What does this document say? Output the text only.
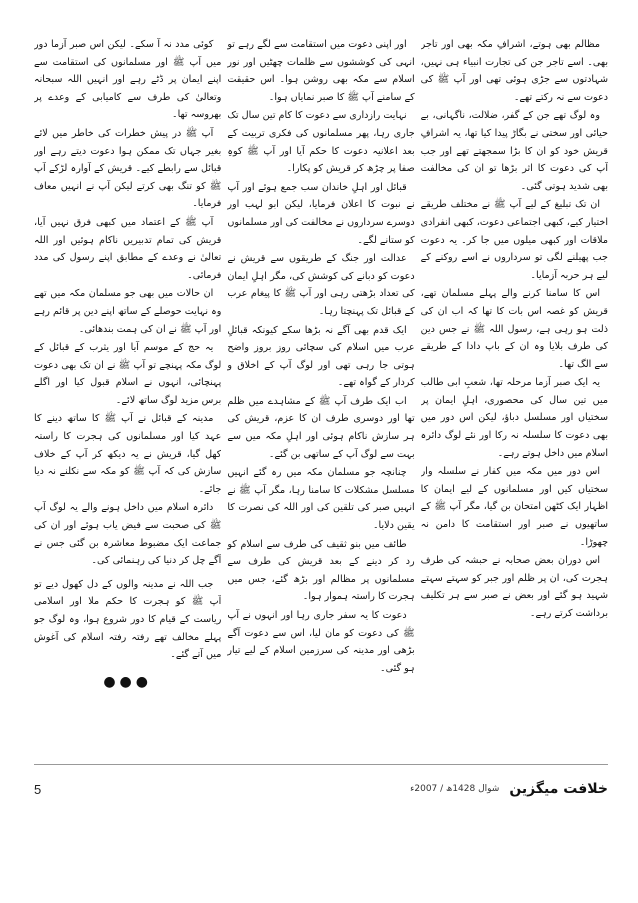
مظالم بھی ہوتے، اشرافِ مکہ بھی اور تاجر بھی۔ اسے تاجر جن کی تجارت انبیاء ہی نہیں، شہادتوں سے جڑی ہوئی تھی اور آپ ﷺ کی دعوت سے نہ رکتے تھے۔

وہ لوگ تھے جن کے گفر، ضلالت، ناگہانی، بے حیائی اور سختی نے بگاڑ پیدا کیا تھا، یہ اشرافِ قریش خود کو ان کا بڑا سمجھتے تھے اور جب آپ کی دعوت کا اثر بڑھا تو ان کی مخالفت بھی شدید ہوتی گئی۔

ان تک تبلیغ کے لیے آپ ﷺ نے مختلف طریقے اختیار کیے، کبھی اجتماعی دعوت، کبھی انفرادی ملاقات اور کبھی میلوں میں جا کر۔ یہ دعوت جب پھیلنے لگی تو سرداروں نے اسے روکنے کے لیے ہر حربہ آزمایا۔

اس کا سامنا کرنے والے پہلے مسلمان تھے، قریش کو غصہ اس بات کا تھا کہ اب ان کی ذلت ہو رہی ہے، رسول اللہ ﷺ نے جس دین کی طرف بلایا وہ ان کے باپ دادا کے طریقے سے الگ تھا۔

یہ ایک صبر آزما مرحلہ تھا، شعبِ ابی طالب میں تین سال کی محصوری، اہلِ ایمان پر سختیاں اور مسلسل دباؤ، لیکن اس دور میں بھی دعوت کا سلسلہ نہ رکا اور نئے لوگ دائرہ اسلام میں داخل ہوتے رہے۔

اس دور میں مکہ میں کفار نے سلسلہ وار سختیاں کیں اور مسلمانوں کے لیے ایمان کا اظہار ایک کٹھن امتحان بن گیا، مگر آپ ﷺ کے ساتھیوں نے صبر اور استقامت کا دامن نہ چھوڑا۔

اس دوران بعض صحابہ نے حبشہ کی طرف ہجرت کی، ان پر ظلم اور جبر کو سہتے سہتے شہید ہو گئے اور بعض نے صبر سے ہر تکلیف برداشت کرتے رہے۔

اور اپنی دعوت میں استقامت سے لگے رہے تو انہی کی کوششوں سے ظلمات چھٹیں اور نور اسلام سے مکہ بھی روشن ہوا۔ اس حقیقت کے سامنے آپ ﷺ کا صبر نمایاں ہوا۔

نہایت رازداری سے دعوت کا کام تین سال تک جاری رہا، پھر مسلمانوں کی فکری تربیت کے بعد اعلانیہ دعوت کا حکم آیا اور آپ ﷺ کوہِ صفا پر چڑھ کر قریش کو پکارا۔

قبائل اور اہلِ خاندان سب جمع ہوئے اور آپ نے نبوت کا اعلان فرمایا، لیکن ابو لہب اور دوسرے سرداروں نے مخالفت کی اور مسلمانوں کو ستانے لگے۔

عدالت اور جنگ کے طریقوں سے قریش نے دعوت کو دبانے کی کوشش کی، مگر اہلِ ایمان کی تعداد بڑھتی رہی اور آپ ﷺ کا پیغام عرب کے قبائل تک پہنچتا رہا۔

ایک قدم بھی آگے نہ بڑھا سکے کیونکہ قبائلِ عرب میں اسلام کی سچائی روز بروز واضح ہوتی جا رہی تھی اور لوگ آپ کے اخلاق و کردار کے گواہ تھے۔

اب ایک طرف آپ ﷺ کے مشاہدے میں ظلم تھا اور دوسری طرف ان کا عزم، قریش کی ہر سازش ناکام ہوئی اور اہلِ مکہ میں سے بہت سے لوگ آپ کے ساتھی بن گئے۔

چنانچہ جو مسلمان مکہ میں رہ گئے انہیں مسلسل مشکلات کا سامنا رہا، مگر آپ ﷺ نے انہیں صبر کی تلقین کی اور اللہ کی نصرت کا یقین دلایا۔

طائف میں بنو ثقیف کی طرف سے اسلام کو رد کر دینے کے بعد قریش کی طرف سے مسلمانوں پر مظالم اور بڑھ گئے، جس میں ہجرت کا راستہ ہموار ہوا۔

دعوت کا یہ سفر جاری رہا اور انہوں نے آپ ﷺ کی دعوت کو مان لیا، اس سے دعوت آگے بڑھی اور مدینہ کی سرزمین اسلام کے لیے تیار ہو گئی۔

کوئی مدد نہ آ سکے۔ لیکن اس صبر آزما دور میں آپ ﷺ اور مسلمانوں کی استقامت سے اپنے ایمان پر ڈٹے رہے اور انہیں اللہ سبحانہ وتعالیٰ کی طرف سے کامیابی کے وعدے پر بھروسہ تھا۔

آپ ﷺ در پیش خطرات کی خاطر میں لائے بغیر جہاں تک ممکن ہوا دعوت دیتے رہے اور قبائل سے رابطے کیے۔ قریش کے آوارہ لڑکے آپ ﷺ کو تنگ بھی کرتے لیکن آپ نے انہیں معاف فرمایا۔

آپ ﷺ کے اعتماد میں کبھی فرق نہیں آیا، قریش کی تمام تدبیریں ناکام ہوئیں اور اللہ تعالیٰ نے وعدے کے مطابق اپنے رسول کی مدد فرمائی۔

ان حالات میں بھی جو مسلمان مکہ میں تھے وہ نہایت حوصلے کے ساتھ اپنے دین پر قائم رہے اور آپ ﷺ نے ان کی ہمت بندھائی۔

یہ حج کے موسم آیا اور یثرب کے قبائل کے لوگ مکہ پہنچے تو آپ ﷺ نے ان تک بھی دعوت پہنچائی، انہوں نے اسلام قبول کیا اور اگلے برس مزید لوگ ساتھ لائے۔

مدینہ کے قبائل نے آپ ﷺ کا ساتھ دینے کا عہد کیا اور مسلمانوں کی ہجرت کا راستہ کھل گیا، قریش نے یہ دیکھ کر آپ کے خلاف سازش کی کہ آپ ﷺ کو مکہ سے نکلنے نہ دیا جائے۔

دائرہ اسلام میں داخل ہونے والے یہ لوگ آپ ﷺ کی صحبت سے فیض یاب ہوئے اور ان کی جماعت ایک مضبوط معاشرہ بن گئی جس نے آگے چل کر دنیا کی رہنمائی کی۔

جب اللہ نے مدینہ والوں کے دل کھول دیے تو آپ ﷺ کو ہجرت کا حکم ملا اور اسلامی ریاست کے قیام کا دور شروع ہوا، وہ لوگ جو پہلے مخالف تھے رفتہ رفتہ اسلام کی آغوش میں آتے گئے۔

●●●
5	خلافت میگزین
شوال 1428ھ / 2007ء
